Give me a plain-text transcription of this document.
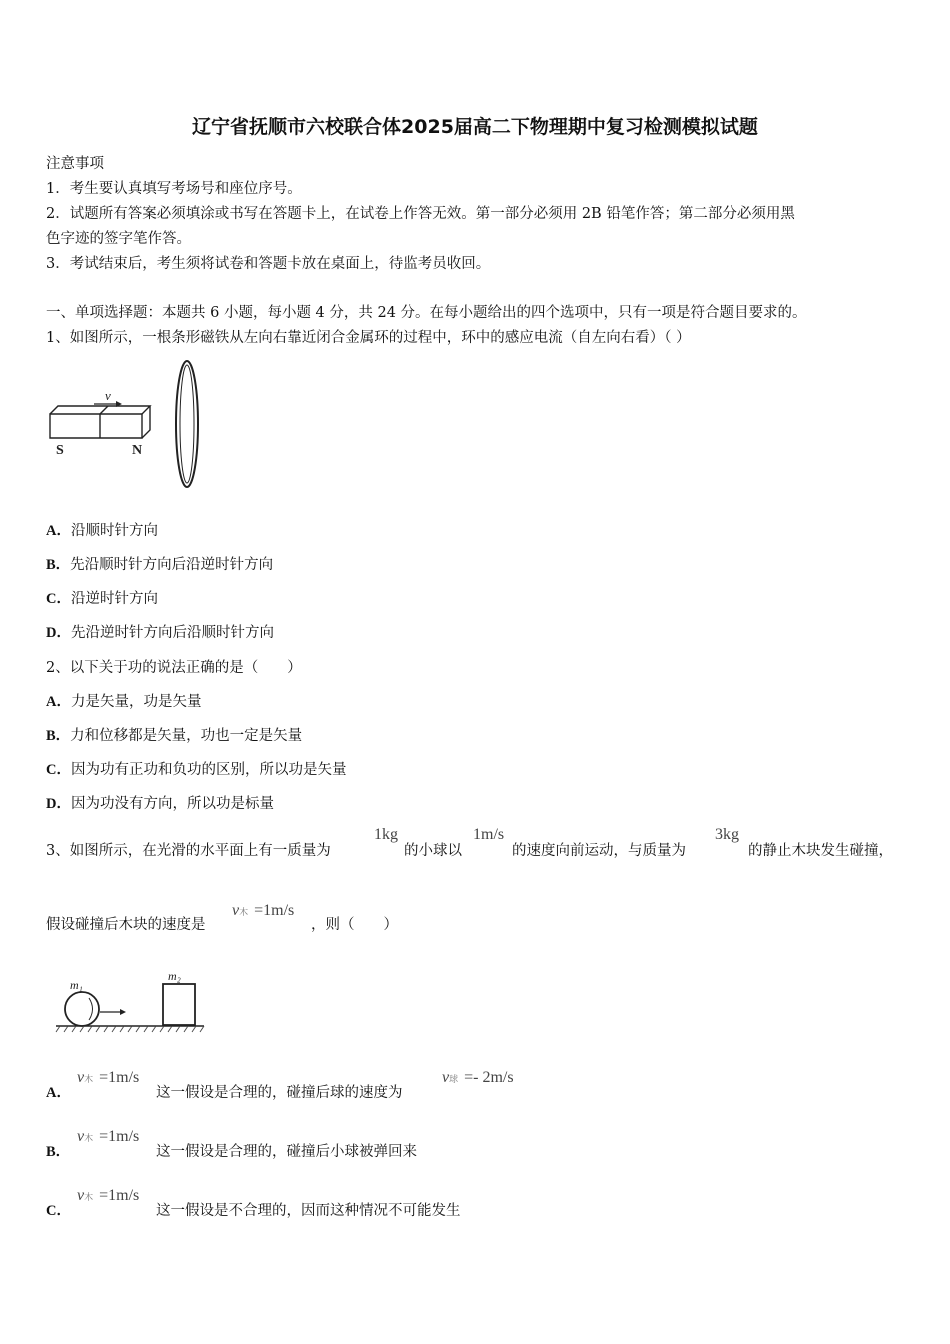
辽宁省抚顺市六校联合体2025届高二下物理期中复习检测模拟试题
注意事项
1．考生要认真填写考场号和座位序号。
2．试题所有答案必须填涂或书写在答题卡上，在试卷上作答无效。第一部分必须用 2B 铅笔作答；第二部分必须用黑
色字迹的签字笔作答。
3．考试结束后，考生须将试卷和答题卡放在桌面上，待监考员收回。
一、单项选择题：本题共 6 小题，每小题 4 分，共 24 分。在每小题给出的四个选项中，只有一项是符合题目要求的。
1、如图所示，一根条形磁铁从左向右靠近闭合金属环的过程中，环中的感应电流（自左向右看）（ ）
v
S	N
A．沿顺时针方向
B．先沿顺时针方向后沿逆时针方向
C．沿逆时针方向
D．先沿逆时针方向后沿顺时针方向
2、以下关于功的说法正确的是（　　）
A．力是矢量，功是矢量
B．力和位移都是矢量，功也一定是矢量
C．因为功有正功和负功的区别，所以功是矢量
D．因为功没有方向，所以功是标量
3、如图所示，在光滑的水平面上有一质量为
1kg
的小球以
1m/s
的速度向前运动，与质量为
3kg
的静止木块发生碰撞，
假设碰撞后木块的速度是
v木 =1m/s
，则（　　）
m₁
m₂
A．
v木 =1m/s
这一假设是合理的，碰撞后球的速度为
v球 =- 2m/s
B．
v木 =1m/s
这一假设是合理的，碰撞后小球被弹回来
C．
v木 =1m/s
这一假设是不合理的，因而这种情况不可能发生
